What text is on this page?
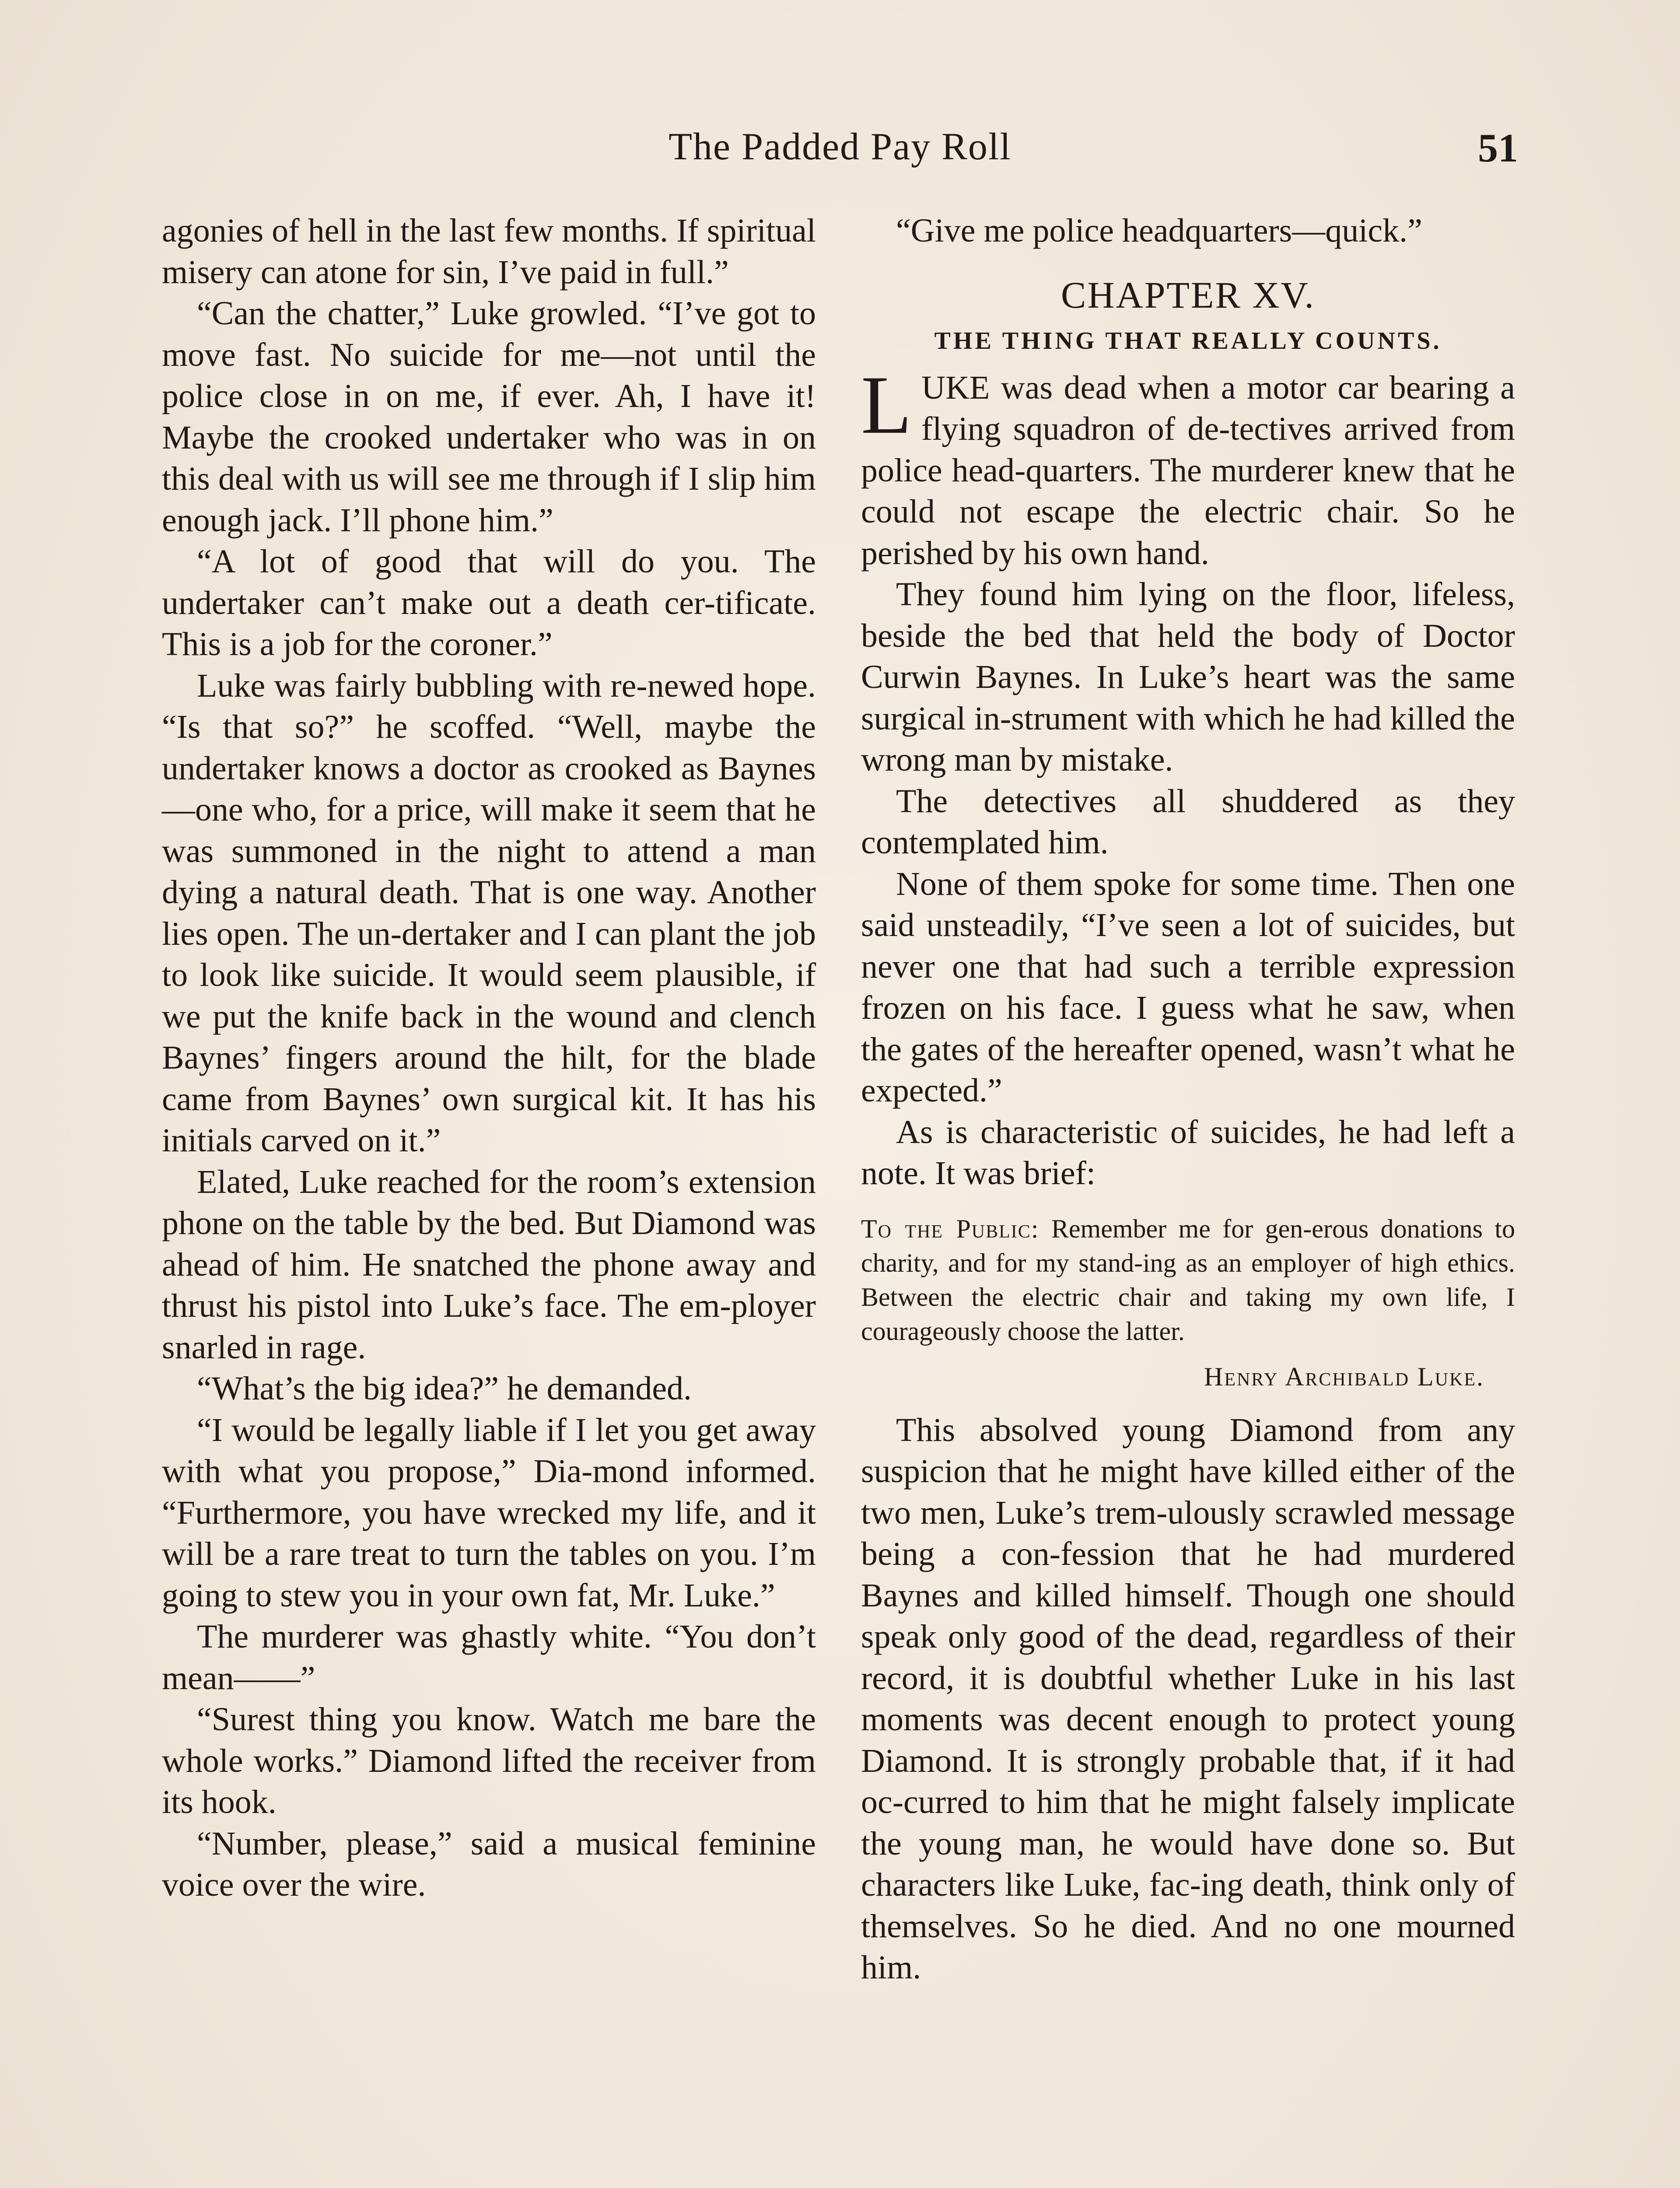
The Padded Pay Roll	51

agonies of hell in the last few months. If spiritual misery can atone for sin, I’ve paid in full.”

“Can the chatter,” Luke growled. “I’ve got to move fast. No suicide for me—not until the police close in on me, if ever. Ah, I have it! Maybe the crooked undertaker who was in on this deal with us will see me through if I slip him enough jack. I’ll phone him.”

“A lot of good that will do you. The undertaker can’t make out a death cer-tificate. This is a job for the coroner.”

Luke was fairly bubbling with re-newed hope. “Is that so?” he scoffed. “Well, maybe the undertaker knows a doctor as crooked as Baynes—one who, for a price, will make it seem that he was summoned in the night to attend a man dying a natural death. That is one way. Another lies open. The un-dertaker and I can plant the job to look like suicide. It would seem plausible, if we put the knife back in the wound and clench Baynes’ fingers around the hilt, for the blade came from Baynes’ own surgical kit. It has his initials carved on it.”

Elated, Luke reached for the room’s extension phone on the table by the bed. But Diamond was ahead of him. He snatched the phone away and thrust his pistol into Luke’s face. The em-ployer snarled in rage.

“What’s the big idea?” he demanded.

“I would be legally liable if I let you get away with what you propose,” Dia-mond informed. “Furthermore, you have wrecked my life, and it will be a rare treat to turn the tables on you. I’m going to stew you in your own fat, Mr. Luke.”

The murderer was ghastly white. “You don’t mean——”

“Surest thing you know. Watch me bare the whole works.” Diamond lifted the receiver from its hook.

“Number, please,” said a musical feminine voice over the wire.

“Give me police headquarters—quick.”

CHAPTER XV.
THE THING THAT REALLY COUNTS.

LUKE was dead when a motor car bearing a flying squadron of de-tectives arrived from police head-quarters. The murderer knew that he could not escape the electric chair. So he perished by his own hand.

They found him lying on the floor, lifeless, beside the bed that held the body of Doctor Curwin Baynes. In Luke’s heart was the same surgical in-strument with which he had killed the wrong man by mistake.

The detectives all shuddered as they contemplated him.

None of them spoke for some time. Then one said unsteadily, “I’ve seen a lot of suicides, but never one that had such a terrible expression frozen on his face. I guess what he saw, when the gates of the hereafter opened, wasn’t what he expected.”

As is characteristic of suicides, he had left a note. It was brief:

To the Public: Remember me for gen-erous donations to charity, and for my stand-ing as an employer of high ethics. Between the electric chair and taking my own life, I courageously choose the latter.
Henry Archibald Luke.

This absolved young Diamond from any suspicion that he might have killed either of the two men, Luke’s trem-ulously scrawled message being a con-fession that he had murdered Baynes and killed himself. Though one should speak only good of the dead, regardless of their record, it is doubtful whether Luke in his last moments was decent enough to protect young Diamond. It is strongly probable that, if it had oc-curred to him that he might falsely implicate the young man, he would have done so. But characters like Luke, fac-ing death, think only of themselves. So he died. And no one mourned him.
